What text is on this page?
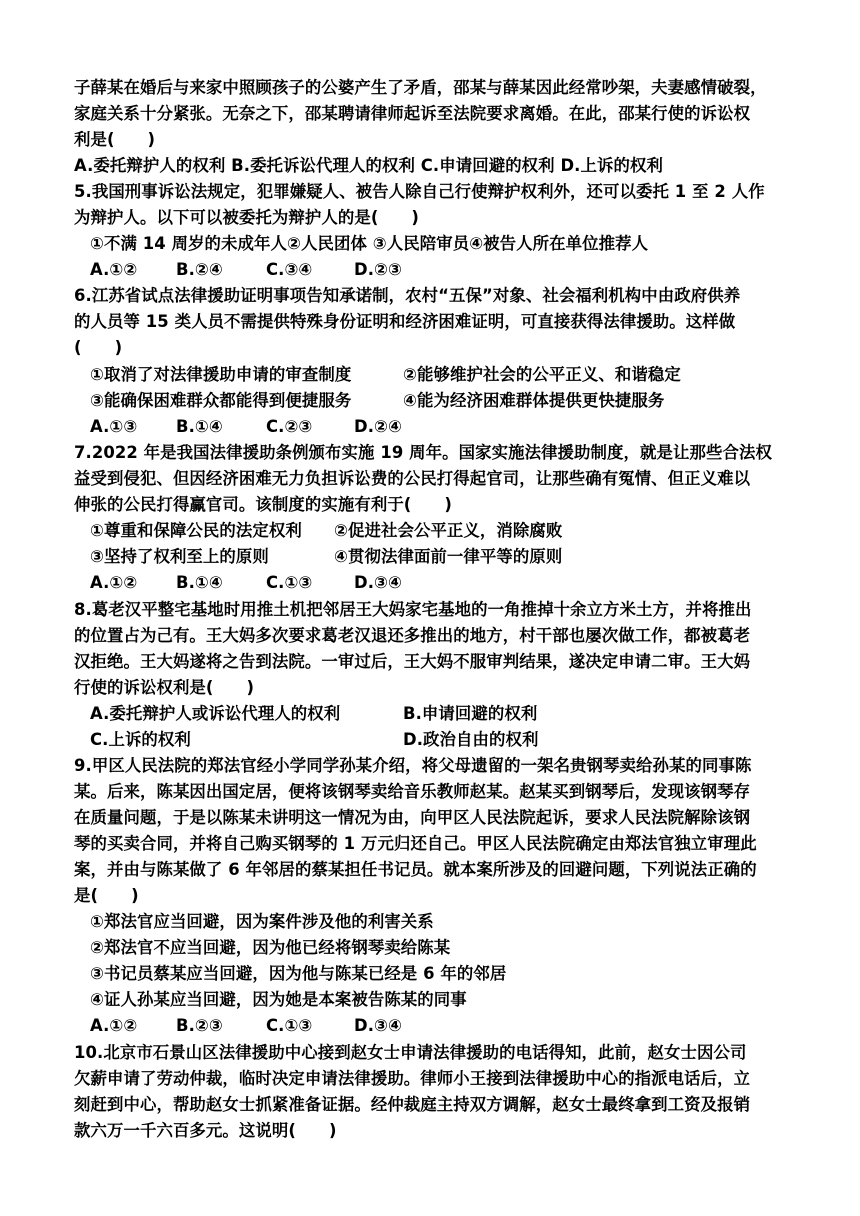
子薛某在婚后与来家中照顾孩子的公婆产生了矛盾，邵某与薛某因此经常吵架，夫妻感情破裂，
家庭关系十分紧张。无奈之下，邵某聘请律师起诉至法院要求离婚。在此，邵某行使的诉讼权
利是(　　)
A.委托辩护人的权利 B.委托诉讼代理人的权利 C.申请回避的权利 D.上诉的权利
5.我国刑事诉讼法规定，犯罪嫌疑人、被告人除自己行使辩护权利外，还可以委托 1 至 2 人作
为辩护人。以下可以被委托为辩护人的是(　　)
①不满 14 周岁的未成年人②人民团体 ③人民陪审员④被告人所在单位推荐人
A.①② B.②④	C.③④	D.②③
6.江苏省试点法律援助证明事项告知承诺制，农村“五保”对象、社会福利机构中由政府供养
的人员等 15 类人员不需提供特殊身份证明和经济困难证明，可直接获得法律援助。这样做
(　　)
①取消了对法律援助申请的审查制度	②能够维护社会的公平正义、和谐稳定
③能确保困难群众都能得到便捷服务	④能为经济困难群体提供更快捷服务
A.①③ B.①④	C.②③	D.②④
7.2022 年是我国法律援助条例颁布实施 19 周年。国家实施法律援助制度，就是让那些合法权
益受到侵犯、但因经济困难无力负担诉讼费的公民打得起官司，让那些确有冤情、但正义难以
伸张的公民打得赢官司。该制度的实施有利于(　　)
①尊重和保障公民的法定权利 ②促进社会公平正义，消除腐败
③坚持了权利至上的原则	④贯彻法律面前一律平等的原则
A.①② B.①④	C.①③	D.③④
8.葛老汉平整宅基地时用推土机把邻居王大妈家宅基地的一角推掉十余立方米土方，并将推出
的位置占为己有。王大妈多次要求葛老汉退还多推出的地方，村干部也屡次做工作，都被葛老
汉拒绝。王大妈遂将之告到法院。一审过后，王大妈不服审判结果，遂决定申请二审。王大妈
行使的诉讼权利是(　　)
A.委托辩护人或诉讼代理人的权利	B.申请回避的权利
C.上诉的权利	D.政治自由的权利
9.甲区人民法院的郑法官经小学同学孙某介绍，将父母遗留的一架名贵钢琴卖给孙某的同事陈
某。后来，陈某因出国定居，便将该钢琴卖给音乐教师赵某。赵某买到钢琴后，发现该钢琴存
在质量问题，于是以陈某未讲明这一情况为由，向甲区人民法院起诉，要求人民法院解除该钢
琴的买卖合同，并将自己购买钢琴的 1 万元归还自己。甲区人民法院确定由郑法官独立审理此
案，并由与陈某做了 6 年邻居的蔡某担任书记员。就本案所涉及的回避问题，下列说法正确的
是(　　)
①郑法官应当回避，因为案件涉及他的利害关系
②郑法官不应当回避，因为他已经将钢琴卖给陈某
③书记员蔡某应当回避，因为他与陈某已经是 6 年的邻居
④证人孙某应当回避，因为她是本案被告陈某的同事
A.①② B.②③	C.①③	D.③④
10.北京市石景山区法律援助中心接到赵女士申请法律援助的电话得知，此前，赵女士因公司
欠薪申请了劳动仲裁，临时决定申请法律援助。律师小王接到法律援助中心的指派电话后，立
刻赶到中心，帮助赵女士抓紧准备证据。经仲裁庭主持双方调解，赵女士最终拿到工资及报销
款六万一千六百多元。这说明(　　)
